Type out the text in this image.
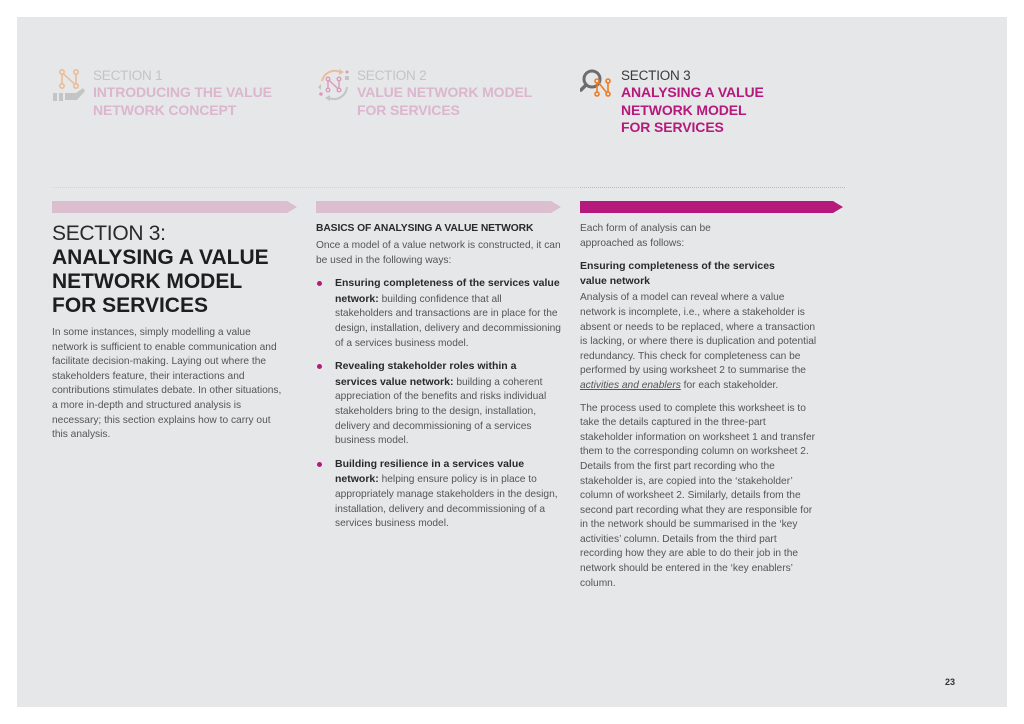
SECTION 1
INTRODUCING THE VALUE
NETWORK CONCEPT
SECTION 2
VALUE NETWORK MODEL
FOR SERVICES
SECTION 3
ANALYSING A VALUE
NETWORK MODEL
FOR SERVICES
SECTION 3:
ANALYSING A VALUE
NETWORK MODEL
FOR SERVICES

In some instances, simply modelling a value network is sufficient to enable communication and facilitate decision-making. Laying out where the stakeholders feature, their interactions and contributions stimulates debate. In other situations, a more in-depth and structured analysis is necessary; this section explains how to carry out this analysis.

BASICS OF ANALYSING A VALUE NETWORK

Once a model of a value network is constructed, it can be used in the following ways:

Ensuring completeness of the services value network: building confidence that all stakeholders and transactions are in place for the design, installation, delivery and decommissioning of a services business model.
Revealing stakeholder roles within a services value network: building a coherent appreciation of the benefits and risks individual stakeholders bring to the design, installation, delivery and decommissioning of a services business model.
Building resilience in a services value network: helping ensure policy is in place to appropriately manage stakeholders in the design, installation, delivery and decommissioning of a services business model.

Each form of analysis can be approached as follows:

Ensuring completeness of the services value network

Analysis of a model can reveal where a value network is incomplete, i.e., where a stakeholder is absent or needs to be replaced, where a transaction is lacking, or where there is duplication and potential redundancy. This check for completeness can be performed by using worksheet 2 to summarise the activities and enablers for each stakeholder.

The process used to complete this worksheet is to take the details captured in the three-part stakeholder information on worksheet 1 and transfer them to the corresponding column on worksheet 2. Details from the first part recording who the stakeholder is, are copied into the ‘stakeholder’ column of worksheet 2. Similarly, details from the second part recording what they are responsible for in the network should be summarised in the ‘key activities’ column. Details from the third part recording how they are able to do their job in the network should be entered in the ‘key enablers’ column.

23
